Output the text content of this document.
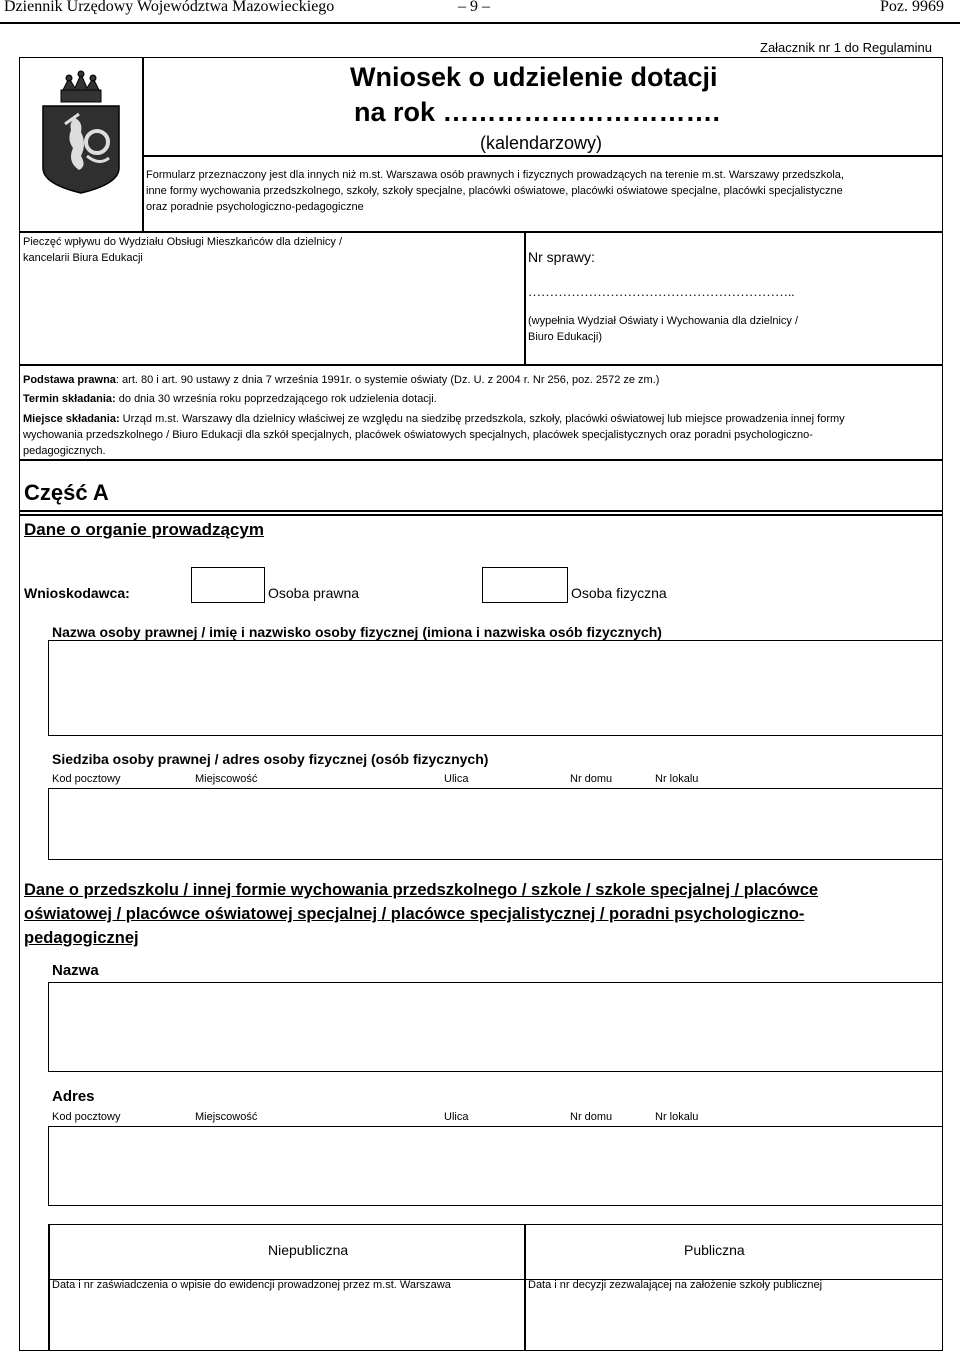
Dziennik Urzędowy Województwa Mazowieckiego	– 9 –	Poz. 9969
Załacznik nr 1 do Regulaminu
Wniosek o udzielenie dotacji
na rok ………………………….
(kalendarzowy)
Formularz przeznaczony jest dla innych niż m.st. Warszawa osób prawnych i fizycznych prowadzących na terenie m.st. Warszawy przedszkola,
inne formy wychowania przedszkolnego, szkoły, szkoły specjalne, placówki oświatowe, placówki oświatowe specjalne, placówki specjalistyczne
oraz poradnie psychologiczno-pedagogiczne
Pieczęć wpływu do Wydziału Obsługi Mieszkańców dla dzielnicy /
kancelarii Biura Edukacji	Nr sprawy:
……………………………………………………..
(wypełnia Wydział Oświaty i Wychowania dla dzielnicy /
Biuro Edukacji)
Podstawa prawna: art. 80 i art. 90 ustawy z dnia 7 września 1991r. o systemie oświaty (Dz. U. z 2004 r. Nr 256, poz. 2572 ze zm.)
Termin składania: do dnia 30 września roku poprzedzającego rok udzielenia dotacji.
Miejsce składania: Urząd m.st. Warszawy dla dzielnicy właściwej ze względu na siedzibę przedszkola, szkoły, placówki oświatowej lub miejsce prowadzenia innej formy
wychowania przedszkolnego / Biuro Edukacji dla szkół specjalnych, placówek oświatowych specjalnych, placówek specjalistycznych oraz poradni psychologiczno-
pedagogicznych.
Część A
Dane o organie prowadzącym
Wnioskodawca:	Osoba prawna	Osoba fizyczna
Nazwa osoby prawnej / imię i nazwisko osoby fizycznej (imiona i nazwiska osób fizycznych)
Siedziba osoby prawnej / adres osoby fizycznej (osób fizycznych)
Kod pocztowy	Miejscowość	Ulica	Nr domu	Nr lokalu
Dane o przedszkolu / innej formie wychowania przedszkolnego / szkole / szkole specjalnej / placówce
oświatowej / placówce oświatowej specjalnej / placówce specjalistycznej / poradni psychologiczno-
pedagogicznej
Nazwa
Adres
Kod pocztowy	Miejscowość	Ulica	Nr domu	Nr lokalu
Niepubliczna	Publiczna
Data i nr zaświadczenia o wpisie do ewidencji prowadzonej przez m.st. Warszawa	Data i nr decyzji zezwalającej na założenie szkoły publicznej
